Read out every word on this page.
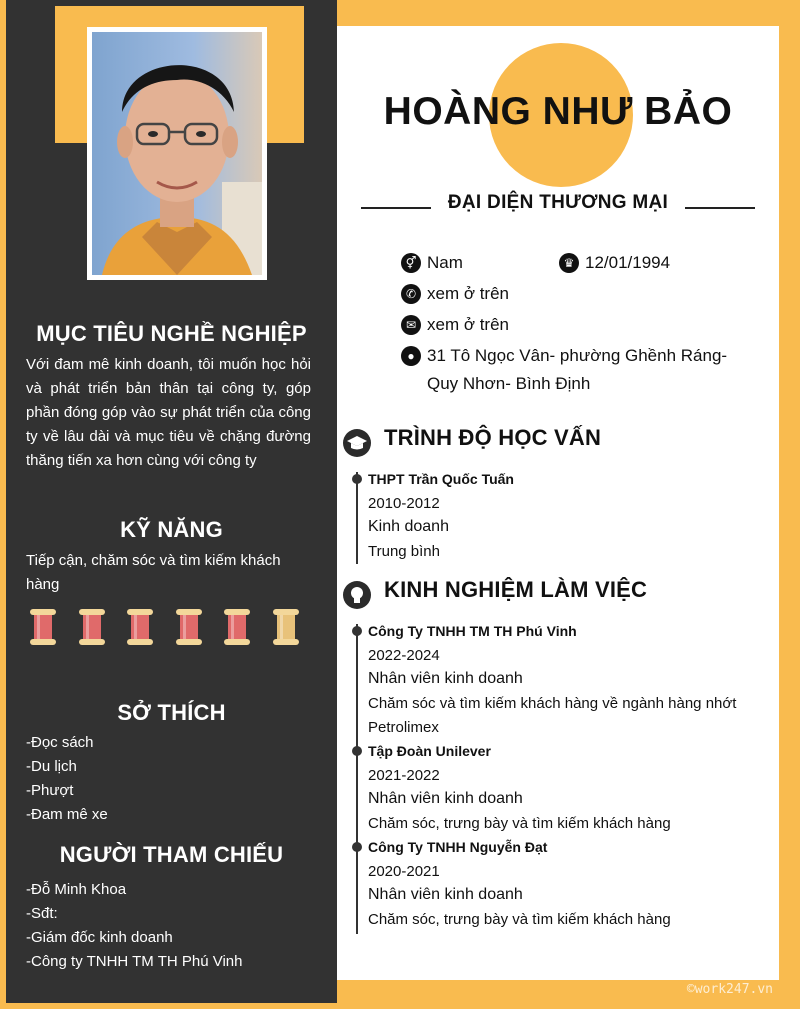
MỤC TIÊU NGHỀ NGHIỆP

Với đam mê kinh doanh, tôi muốn học hỏi và phát triển bản thân tại công ty, góp phần đóng góp vào sự phát triển của công ty về lâu dài và mục tiêu về chặng đường thăng tiến xa hơn cùng với công ty

KỸ NĂNG

Tiếp cận, chăm sóc và tìm kiếm khách

hàng

SỞ THÍCH

-Đọc sách

-Du lịch

-Phượt

-Đam mê xe

NGƯỜI THAM CHIẾU

-Đỗ Minh Khoa

-Sđt:

-Giám đốc kinh doanh

-Công ty TNHH TM TH Phú Vinh

HOÀNG NHƯ BẢO
ĐẠI DIỆN THƯƠNG MẠI
⚥ Nam	♛ 12/01/1994
✆ xem ở trên
✉ xem ở trên
● 31 Tô Ngọc Vân- phường Ghềnh Ráng-
Quy Nhơn- Bình Định
TRÌNH ĐỘ HỌC VẤN
THPT Trần Quốc Tuấn
2010-2012
Kinh doanh
Trung bình
KINH NGHIỆM LÀM VIỆC
Công Ty TNHH TM TH Phú Vinh
2022-2024
Nhân viên kinh doanh
Chăm sóc và tìm kiếm khách hàng về ngành hàng nhớt
Petrolimex
Tập Đoàn Unilever
2021-2022
Nhân viên kinh doanh
Chăm sóc, trưng bày và tìm kiếm khách hàng
Công Ty TNHH Nguyễn Đạt
2020-2021
Nhân viên kinh doanh
Chăm sóc, trưng bày và tìm kiếm khách hàng
©work247.vn
